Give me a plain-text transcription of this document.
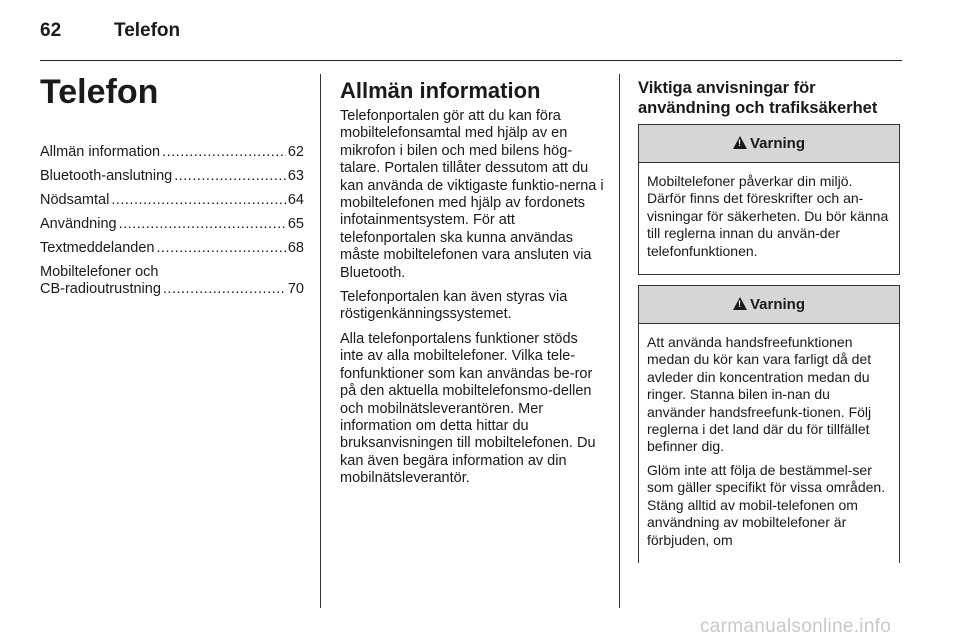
62	Telefon
Telefon
Allmän information .....	62
Bluetooth-anslutning .....	63
Nödsamtal .....	64
Användning .....	65
Textmeddelanden .....	68
Mobiltelefoner och
CB-radioutrustning .....	70
Allmän information

Telefonportalen gör att du kan föra mobiltelefonsamtal med hjälp av en mikrofon i bilen och med bilens hög-talare. Portalen tillåter dessutom att du kan använda de viktigaste funktio-nerna i mobiltelefonen med hjälp av fordonets infotainmentsystem. För att telefonportalen ska kunna användas måste mobiltelefonen vara ansluten via Bluetooth.

Telefonportalen kan även styras via röstigenkänningssystemet.

Alla telefonportalens funktioner stöds inte av alla mobiltelefoner. Vilka tele-fonfunktioner som kan användas be-ror på den aktuella mobiltelefonsmo-dellen och mobilnätsleverantören. Mer information om detta hittar du bruksanvisningen till mobiltelefonen. Du kan även begära information av din mobilnätsleverantör.

Viktiga anvisningar för
användning och trafiksäkerhet
!
Varning

Mobiltelefoner påverkar din miljö. Därför finns det föreskrifter och an-visningar för säkerheten. Du bör känna till reglerna innan du använ-der telefonfunktionen.

!
Varning

Att använda handsfreefunktionen medan du kör kan vara farligt då det avleder din koncentration medan du ringer. Stanna bilen in-nan du använder handsfreefunk-tionen. Följ reglerna i det land där du för tillfället befinner dig.

Glöm inte att följa de bestämmel-ser som gäller specifikt för vissa områden. Stäng alltid av mobil-telefonen om användning av mobiltelefoner är förbjuden, om

carmanualsonline.info
